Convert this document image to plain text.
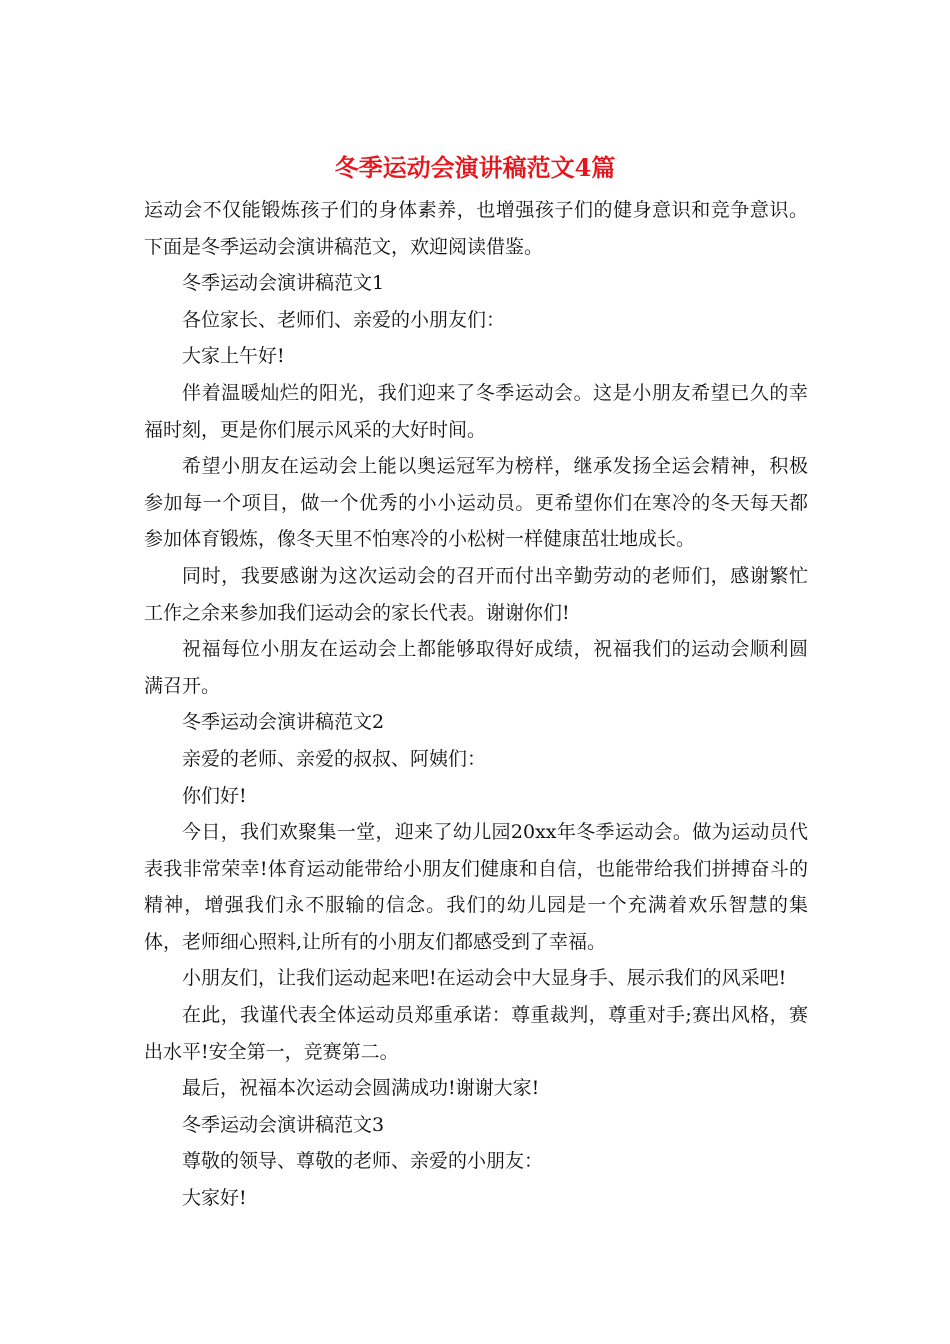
冬季运动会演讲稿范文4篇

运动会不仅能锻炼孩子们的身体素养，也增强孩子们的健身意识和竞争意识。下面是冬季运动会演讲稿范文，欢迎阅读借鉴。

冬季运动会演讲稿范文1

各位家长、老师们、亲爱的小朋友们：

大家上午好!

伴着温暖灿烂的阳光，我们迎来了冬季运动会。这是小朋友希望已久的幸福时刻，更是你们展示风采的大好时间。

希望小朋友在运动会上能以奥运冠军为榜样，继承发扬全运会精神，积极参加每一个项目，做一个优秀的小小运动员。更希望你们在寒冷的冬天每天都参加体育锻炼，像冬天里不怕寒冷的小松树一样健康茁壮地成长。

同时，我要感谢为这次运动会的召开而付出辛勤劳动的老师们，感谢繁忙工作之余来参加我们运动会的家长代表。谢谢你们!

祝福每位小朋友在运动会上都能够取得好成绩，祝福我们的运动会顺利圆满召开。

冬季运动会演讲稿范文2

亲爱的老师、亲爱的叔叔、阿姨们：

你们好!

今日，我们欢聚集一堂，迎来了幼儿园20xx年冬季运动会。做为运动员代表我非常荣幸!体育运动能带给小朋友们健康和自信，也能带给我们拼搏奋斗的精神，增强我们永不服输的信念。我们的幼儿园是一个充满着欢乐智慧的集体，老师细心照料,让所有的小朋友们都感受到了幸福。

小朋友们，让我们运动起来吧!在运动会中大显身手、展示我们的风采吧!

在此，我谨代表全体运动员郑重承诺：尊重裁判，尊重对手;赛出风格，赛出水平!安全第一，竞赛第二。

最后，祝福本次运动会圆满成功!谢谢大家!

冬季运动会演讲稿范文3

尊敬的领导、尊敬的老师、亲爱的小朋友：

大家好!
